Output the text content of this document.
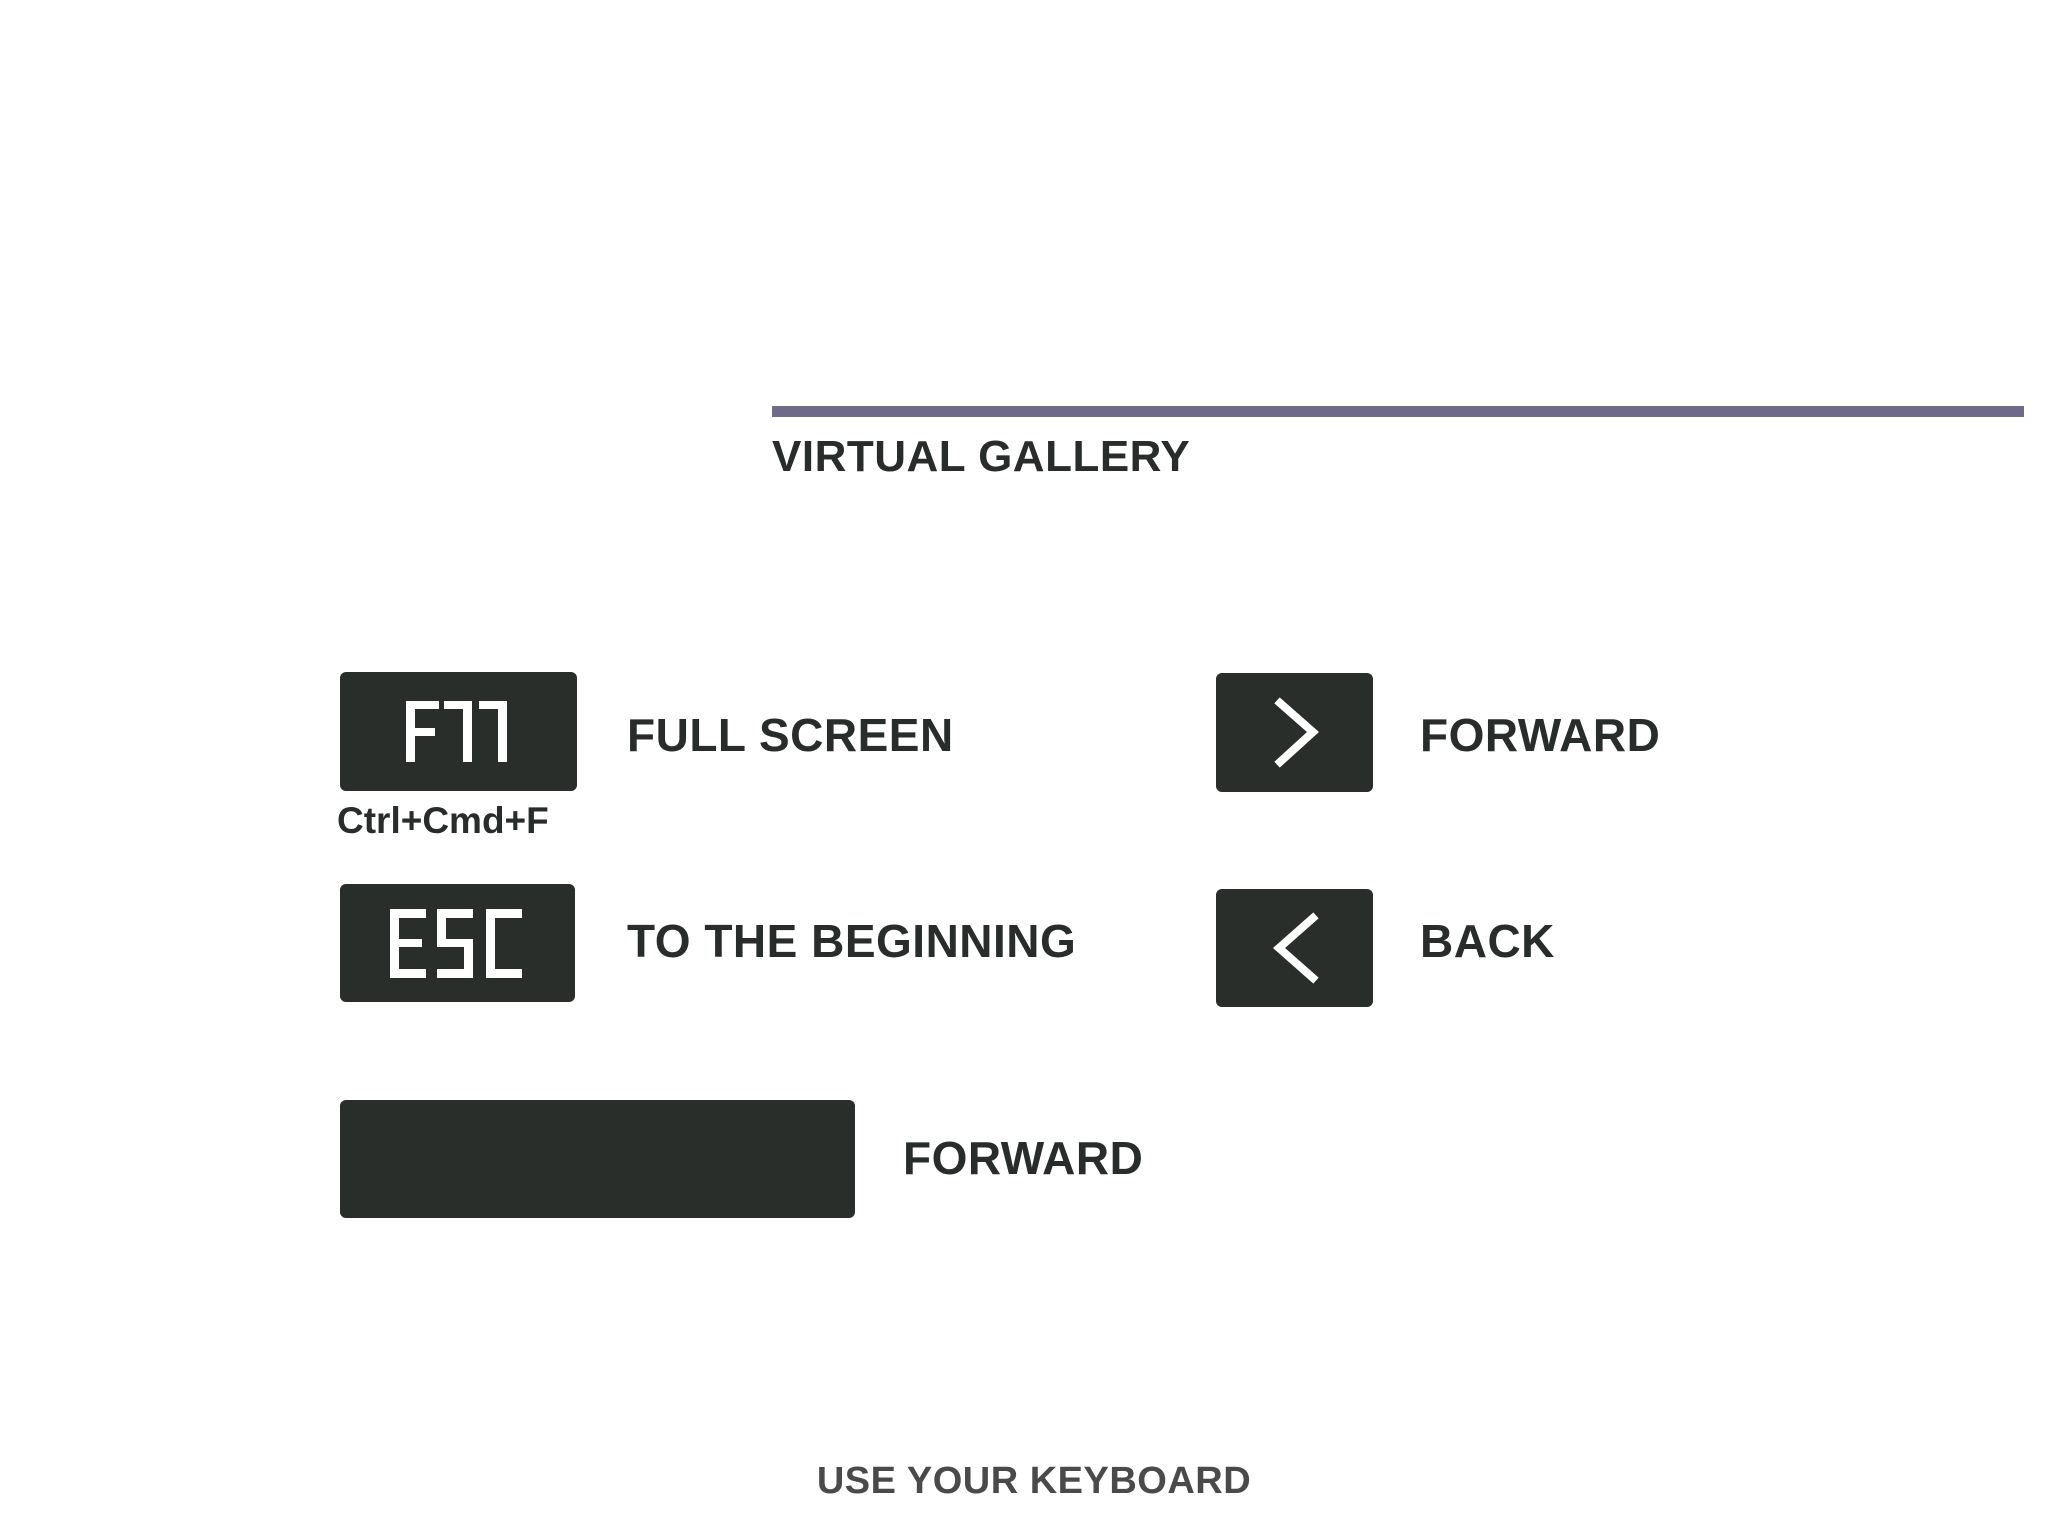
VIRTUAL GALLERY
Ctrl+Cmd+F
FULL SCREEN
TO THE BEGINNING
FORWARD
BACK
FORWARD
USE YOUR KEYBOARD
